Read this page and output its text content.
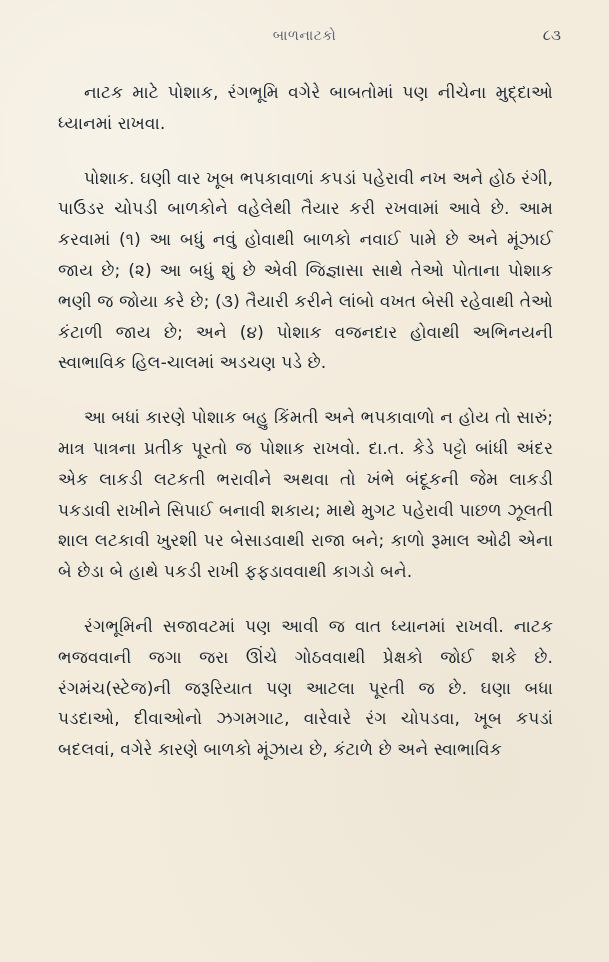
બાળનાટકો	૮૩

નાટક માટે પોશાક, રંગભૂમિ વગેરે બાબતોમાં પણ નીચેના મુદ્દાઓ ધ્યાનમાં રાખવા.

પોશાક. ઘણી વાર ખૂબ ભપકાવાળાં કપડાં પહેરાવી નખ અને હોઠ રંગી, પાઉડર ચોપડી બાળકોને વહેલેથી તૈયાર કરી રખવામાં આવે છે. આમ કરવામાં (૧) આ બધું નવું હોવાથી બાળકો નવાઈ પામે છે અને મૂંઝાઈ જાય છે; (૨) આ બધું શું છે એવી જિજ્ઞાસા સાથે તેઓ પોતાના પોશાક ભણી જ જોયા કરે છે; (૩) તૈયારી કરીને લાંબો વખત બેસી રહેવાથી તેઓ કંટાળી જાય છે; અને (૪) પોશાક વજનદાર હોવાથી અભિનયની સ્વાભાવિક હિલ-ચાલમાં અડચણ પડે છે.

આ બધાં કારણે પોશાક બહુ કિંમતી અને ભપકાવાળો ન હોય તો સારું; માત્ર પાત્રના પ્રતીક પૂરતો જ પોશાક રાખવો. દા.ત. કેડે પટ્ટો બાંધી અંદર એક લાકડી લટકતી ભરાવીને અથવા તો ખંભે બંદૂકની જેમ લાકડી પકડાવી રાખીને સિપાઈ બનાવી શકાય; માથે મુગટ પહેરાવી પાછળ ઝૂલતી શાલ લટકાવી ખુરશી પર બેસાડવાથી રાજા બને; કાળો રૂમાલ ઓઢી એના બે છેડા બે હાથે પકડી રાખી ફફડાવવાથી કાગડો બને.

રંગભૂમિની સજાવટમાં પણ આવી જ વાત ધ્યાનમાં રાખવી. નાટક ભજવવાની જગા જરા ઊંચે ગોઠવવાથી પ્રેક્ષકો જોઈ શકે છે. રંગમંચ(સ્ટેજ)ની જરૂરિયાત પણ આટલા પૂરતી જ છે. ઘણા બધા પડદાઓ, દીવાઓનો ઝગમગાટ, વારેવારે રંગ ચોપડવા, ખૂબ કપડાં બદલવાં, વગેરે કારણે બાળકો મૂંઝાય છે, કંટાળે છે અને સ્વાભાવિક
